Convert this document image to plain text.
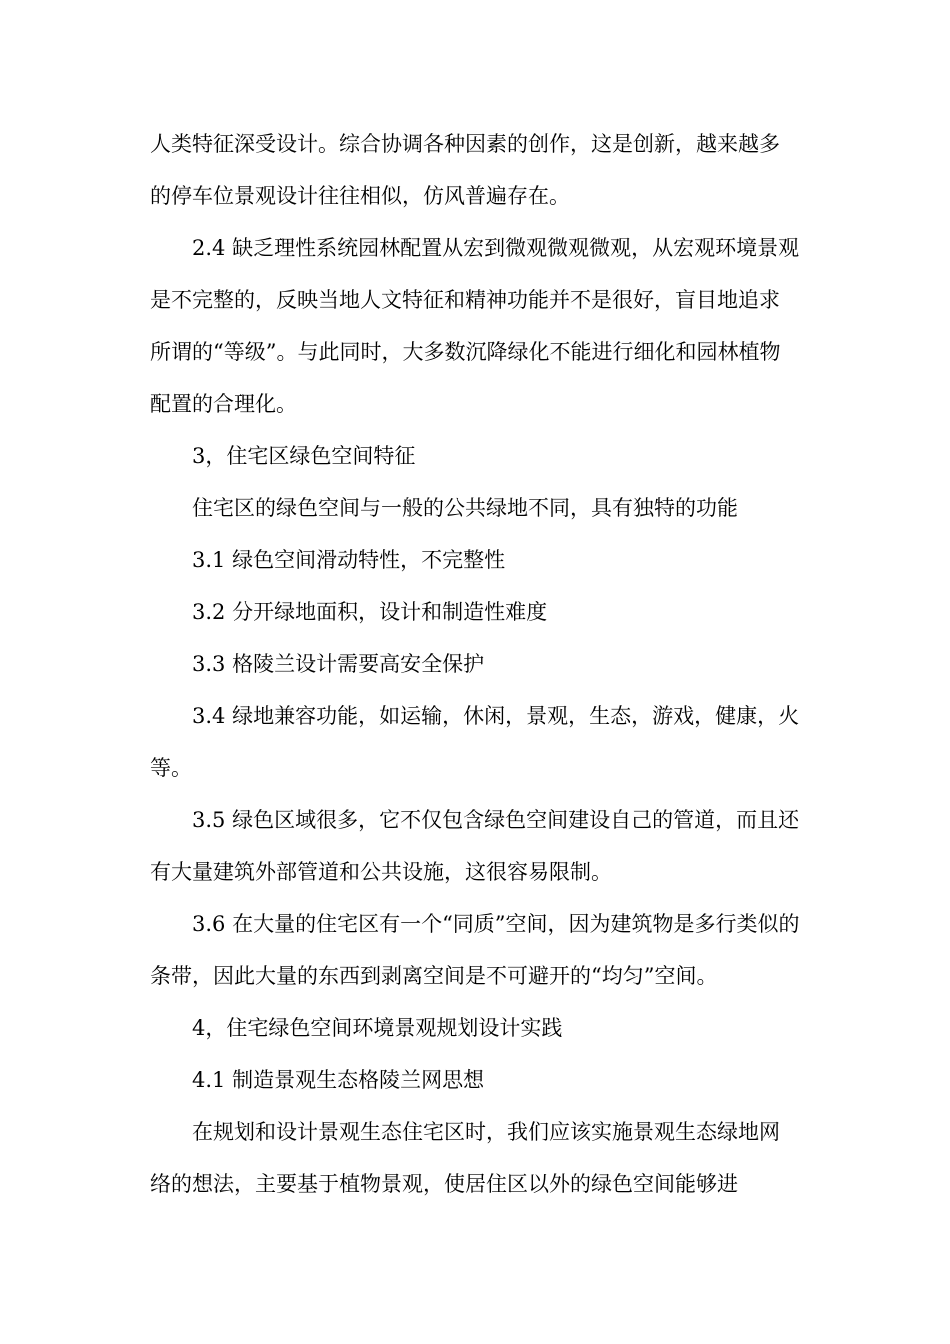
人类特征深受设计。综合协调各种因素的创作，这是创新，越来越多的停车位景观设计往往相似，仿风普遍存在。

2.4 缺乏理性系统园林配置从宏到微观微观微观，从宏观环境景观是不完整的，反映当地人文特征和精神功能并不是很好，盲目地追求所谓的“等级”。与此同时，大多数沉降绿化不能进行细化和园林植物配置的合理化。

3，住宅区绿色空间特征

住宅区的绿色空间与一般的公共绿地不同，具有独特的功能

3.1 绿色空间滑动特性，不完整性

3.2 分开绿地面积，设计和制造性难度

3.3 格陵兰设计需要高安全保护

3.4 绿地兼容功能，如运输，休闲，景观，生态，游戏，健康，火等。

3.5 绿色区域很多，它不仅包含绿色空间建设自己的管道，而且还有大量建筑外部管道和公共设施，这很容易限制。

3.6 在大量的住宅区有一个“同质”空间，因为建筑物是多行类似的条带，因此大量的东西到剥离空间是不可避开的“均匀”空间。

4，住宅绿色空间环境景观规划设计实践

4.1 制造景观生态格陵兰网思想

在规划和设计景观生态住宅区时，我们应该实施景观生态绿地网络的想法，主要基于植物景观，使居住区以外的绿色空间能够进
